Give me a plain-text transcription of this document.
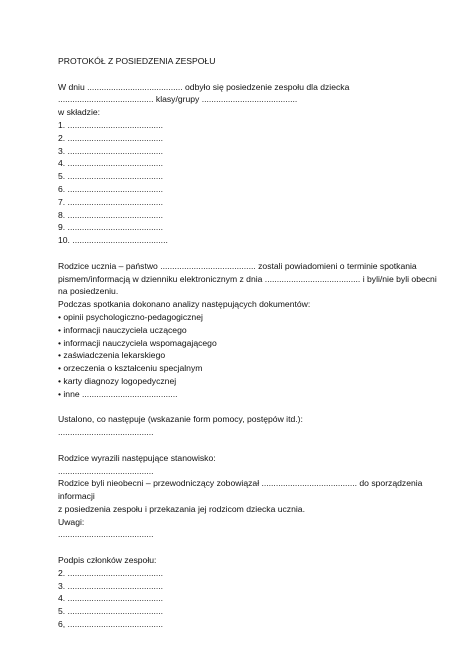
PROTOKÓŁ Z POSIEDZENIA ZESPOŁU
W dniu ........................................ odbyło się posiedzenie zespołu dla dziecka
........................................ klasy/grupy ........................................
w składzie:
1. ........................................
2. ........................................
3. ........................................
4. ........................................
5. ........................................
6. ........................................
7. ........................................
8. ........................................
9. ........................................
10. ........................................
Rodzice ucznia – państwo ........................................ zostali powiadomieni o terminie spotkania
pismem/informacją w dzienniku elektronicznym z dnia ........................................ i byli/nie byli obecni
na posiedzeniu.
Podczas spotkania dokonano analizy następujących dokumentów:
• opinii psychologiczno-pedagogicznej
• informacji nauczyciela uczącego
• informacji nauczyciela wspomagającego
• zaświadczenia lekarskiego
• orzeczenia o kształceniu specjalnym
• karty diagnozy logopedycznej
• inne ........................................
Ustalono, co następuje (wskazanie form pomocy, postępów itd.):
........................................
Rodzice wyrazili następujące stanowisko:
........................................
Rodzice byli nieobecni – przewodniczący zobowiązał ........................................ do sporządzenia
informacji
z posiedzenia zespołu i przekazania jej rodzicom dziecka ucznia.
Uwagi:
........................................
Podpis członków zespołu:
2. ........................................
3. ........................................
4. ........................................
5. ........................................
6, ........................................
